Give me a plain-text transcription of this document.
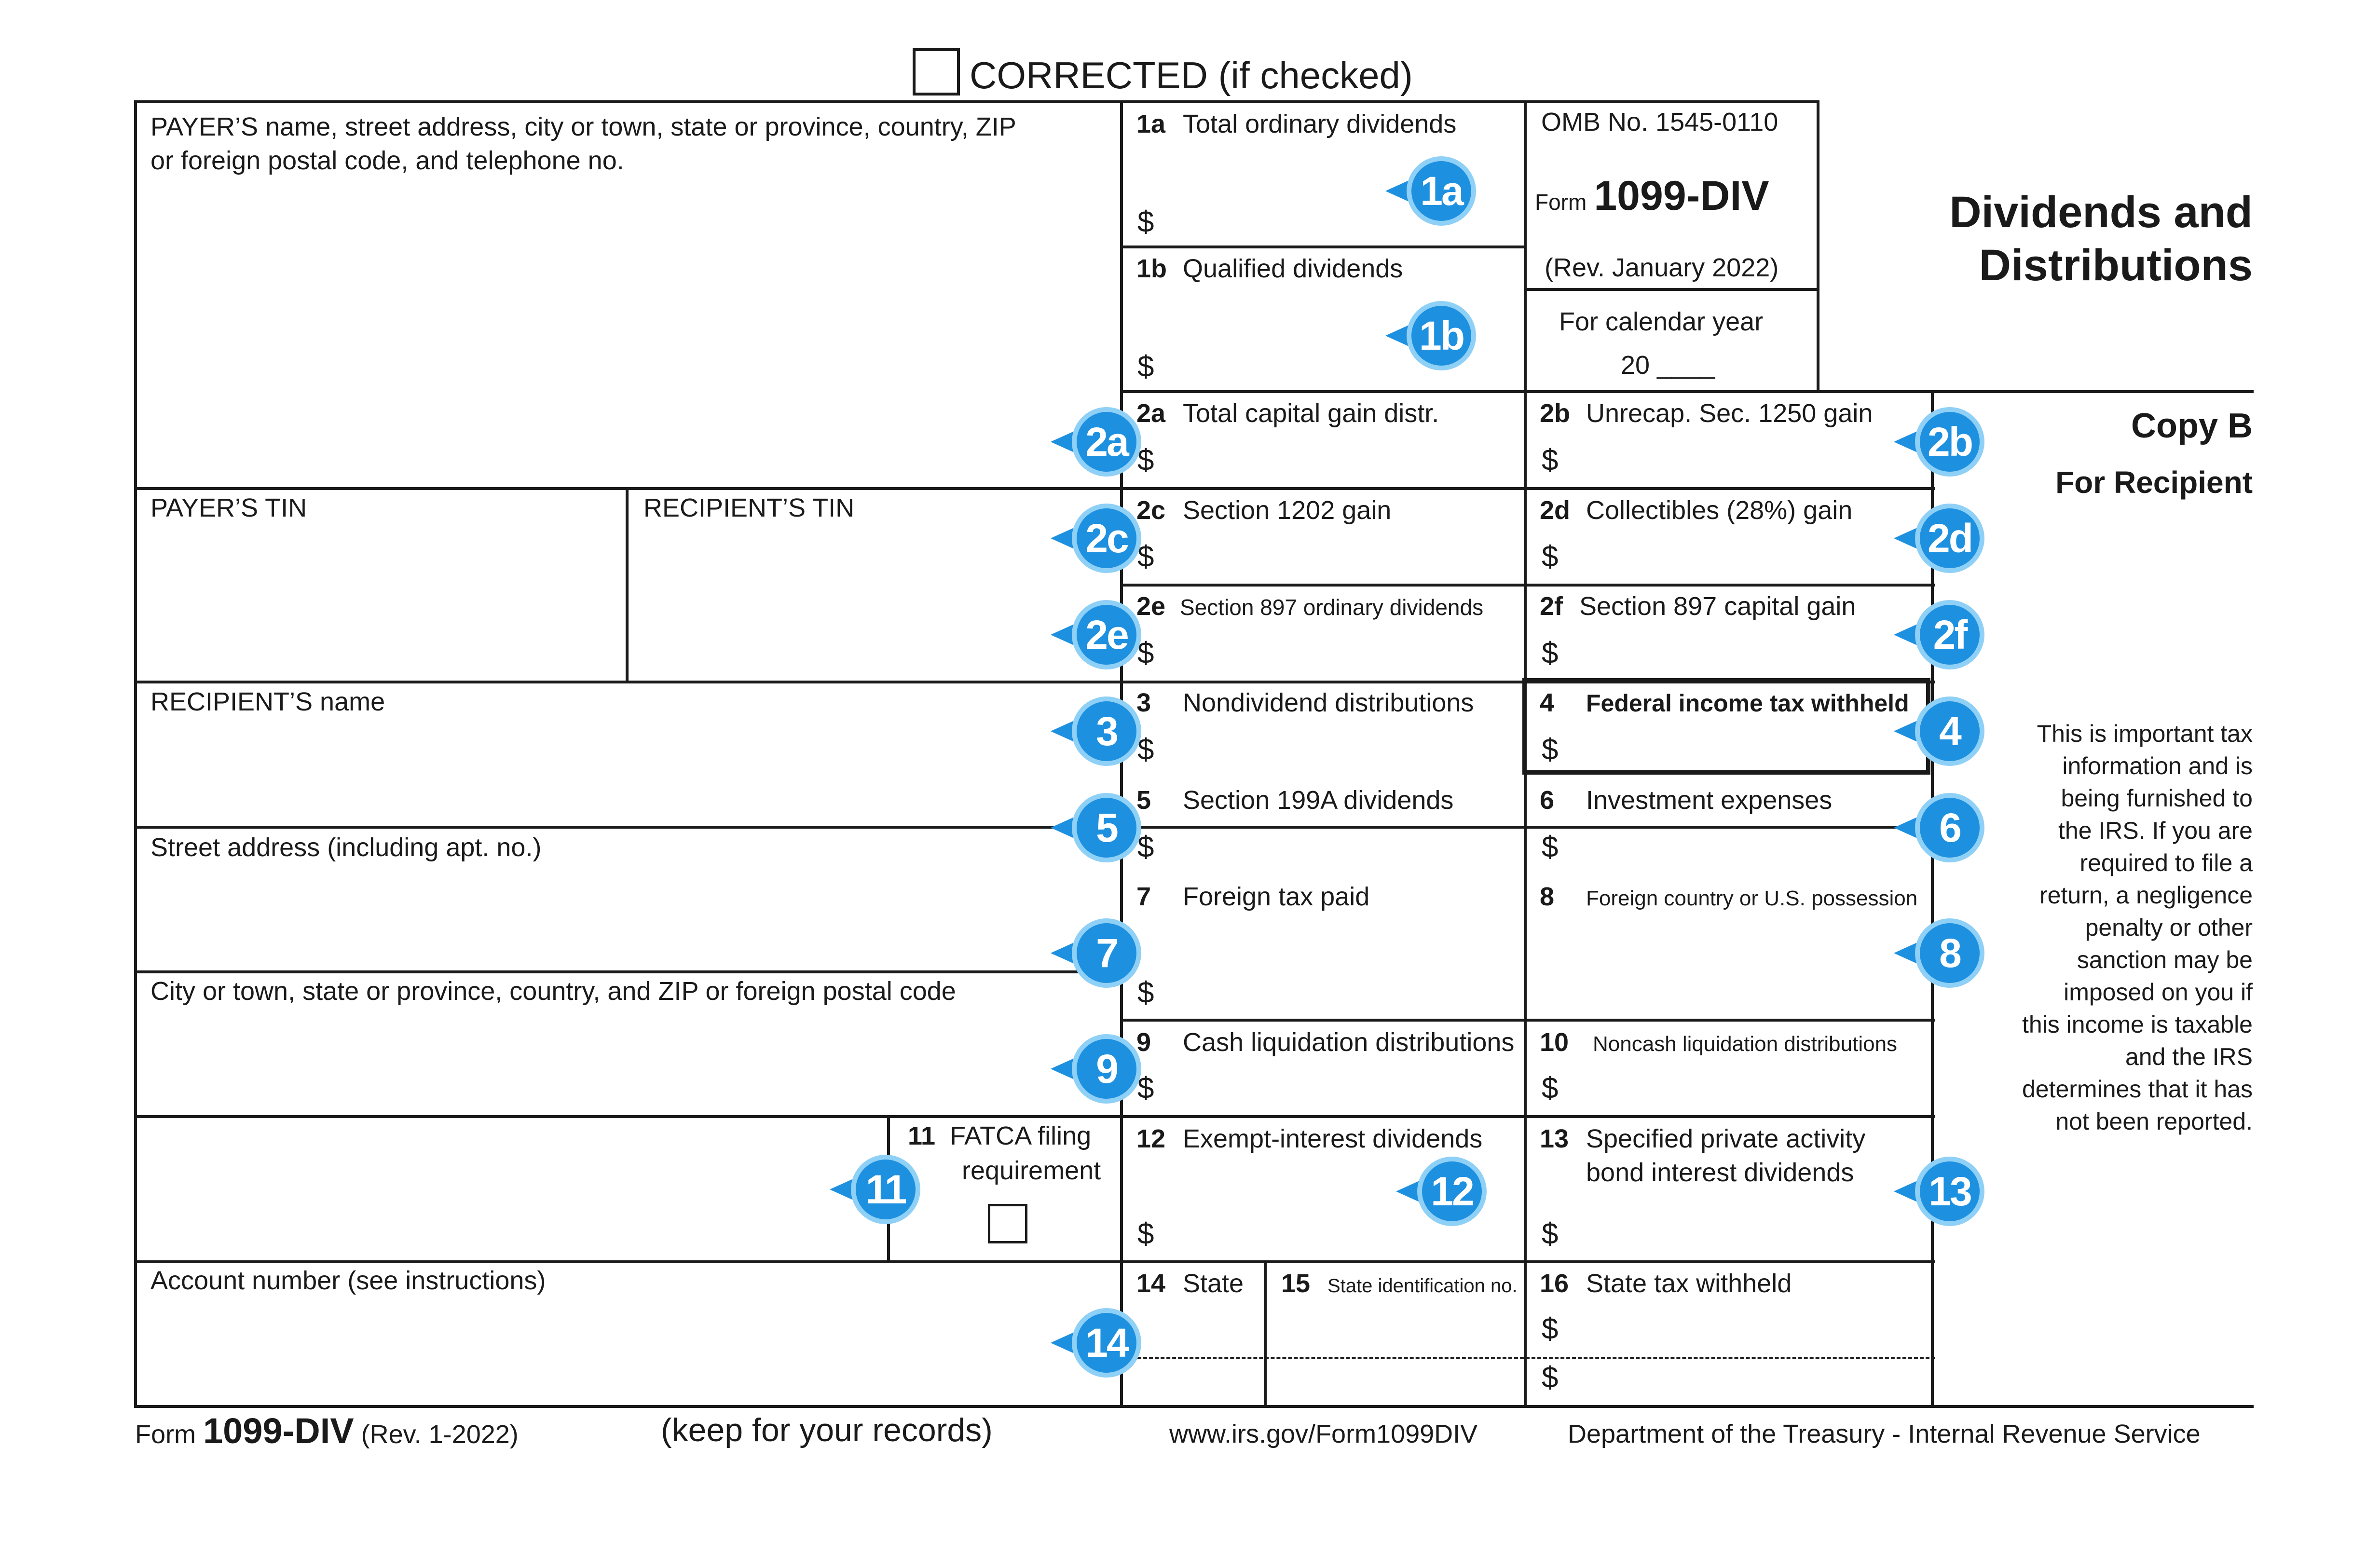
CORRECTED (if checked)
PAYER’S name, street address, city or town, state or province, country, ZIP
or foreign postal code, and telephone no.
PAYER’S TIN	RECIPIENT’S TIN
RECIPIENT’S name
Street address (including apt. no.)
City or town, state or province, country, and ZIP or foreign postal code
11 FATCA filing
requirement
Account number (see instructions)
1a Total ordinary dividends
$
1b Qualified dividends
$
2a Total capital gain distr.
$
2c Section 1202 gain
$
2e Section 897 ordinary dividends
$
3 Nondividend distributions
$
5 Section 199A dividends
$
7 Foreign tax paid
$
9 Cash liquidation distributions
$
12 Exempt-interest dividends
$
14 State 15 State identification no.
OMB No. 1545-0110
Form 1099-DIV
(Rev. January 2022)
For calendar year
20 ____
2b Unrecap. Sec. 1250 gain
$
2d Collectibles (28%) gain
$
2f Section 897 capital gain
$
4 Federal income tax withheld
$
6 Investment expenses
$
8 Foreign country or U.S. possession
10 Noncash liquidation distributions
$
13 Specified private activity
bond interest dividends
$
16 State tax withheld
$
$
Dividends and
Distributions
Copy B
For Recipient
This is important tax
information and is
being furnished to
the IRS. If you are
required to file a
return, a negligence
penalty or other
sanction may be
imposed on you if
this income is taxable
and the IRS
determines that it has
not been reported.
Form 1099-DIV (Rev. 1-2022)	(keep for your records)	www.irs.gov/Form1099DIV	Department of the Treasury - Internal Revenue Service
1a
1b
2a	2b
2c	2d
2e	2f
3	4
5	6
7	8
9
11	12	13
14
